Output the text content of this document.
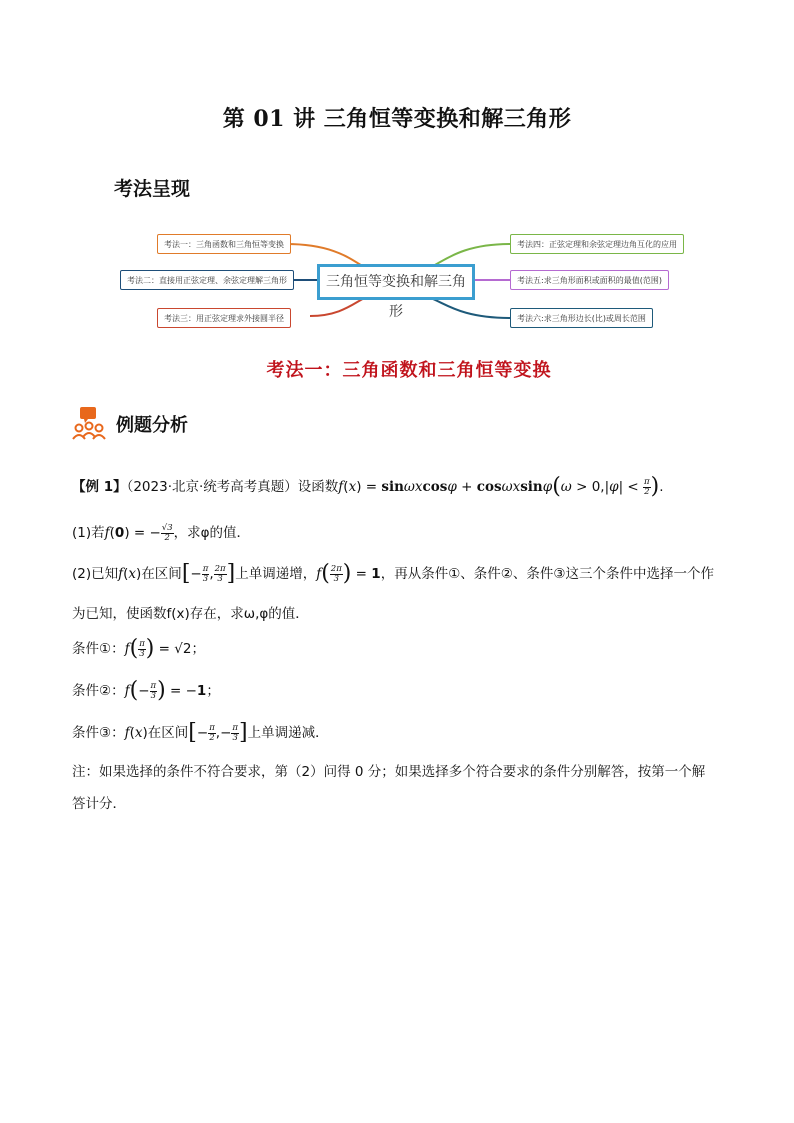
第 01 讲 三角恒等变换和解三角形
考法呈现
考法一：三角函数和三角恒等变换
考法二：直接用正弦定理、余弦定理解三角形
考法三：用正弦定理求外接圆半径
三角恒等变换和解三角形
考法四：正弦定理和余弦定理边角互化的应用
考法五:求三角形面积或面积的最值(范围)
考法六:求三角形边长(比)或周长范围
考法一：三角函数和三角恒等变换
例题分析
【例 1】（2023·北京·统考高考真题）设函数$f(x) = \sin\omega xcos\varphi + \cos\omega xsin\varphi(\omega > 0,|\varphi| < \frac{\pi}{2}$ ).
(1)若f(0) = − $\frac{√3}{2}$ ，求φ的值．
(2)已知f(x)在区间[− $\frac{\pi}{3}$ , $\frac{2\pi}{3}$ ]上单调递增，$f( \frac{2\pi}{3}$ ) = 1，再从条件①、条件②、条件③这三个条件中选择一个作
为已知，使函数f(x)存在，求ω,φ的值．
条件①：$f( \frac{\pi}{3}$ ) = √2；
条件②：$f(- \frac{\pi}{3}$ ) = −1；
条件③：f(x)在区间[− $\frac{\pi}{2}$ ,− $\frac{\pi}{3}$ ]上单调递减．
注：如果选择的条件不符合要求，第（2）问得 0 分；如果选择多个符合要求的条件分别解答，按第一个解
答计分．
